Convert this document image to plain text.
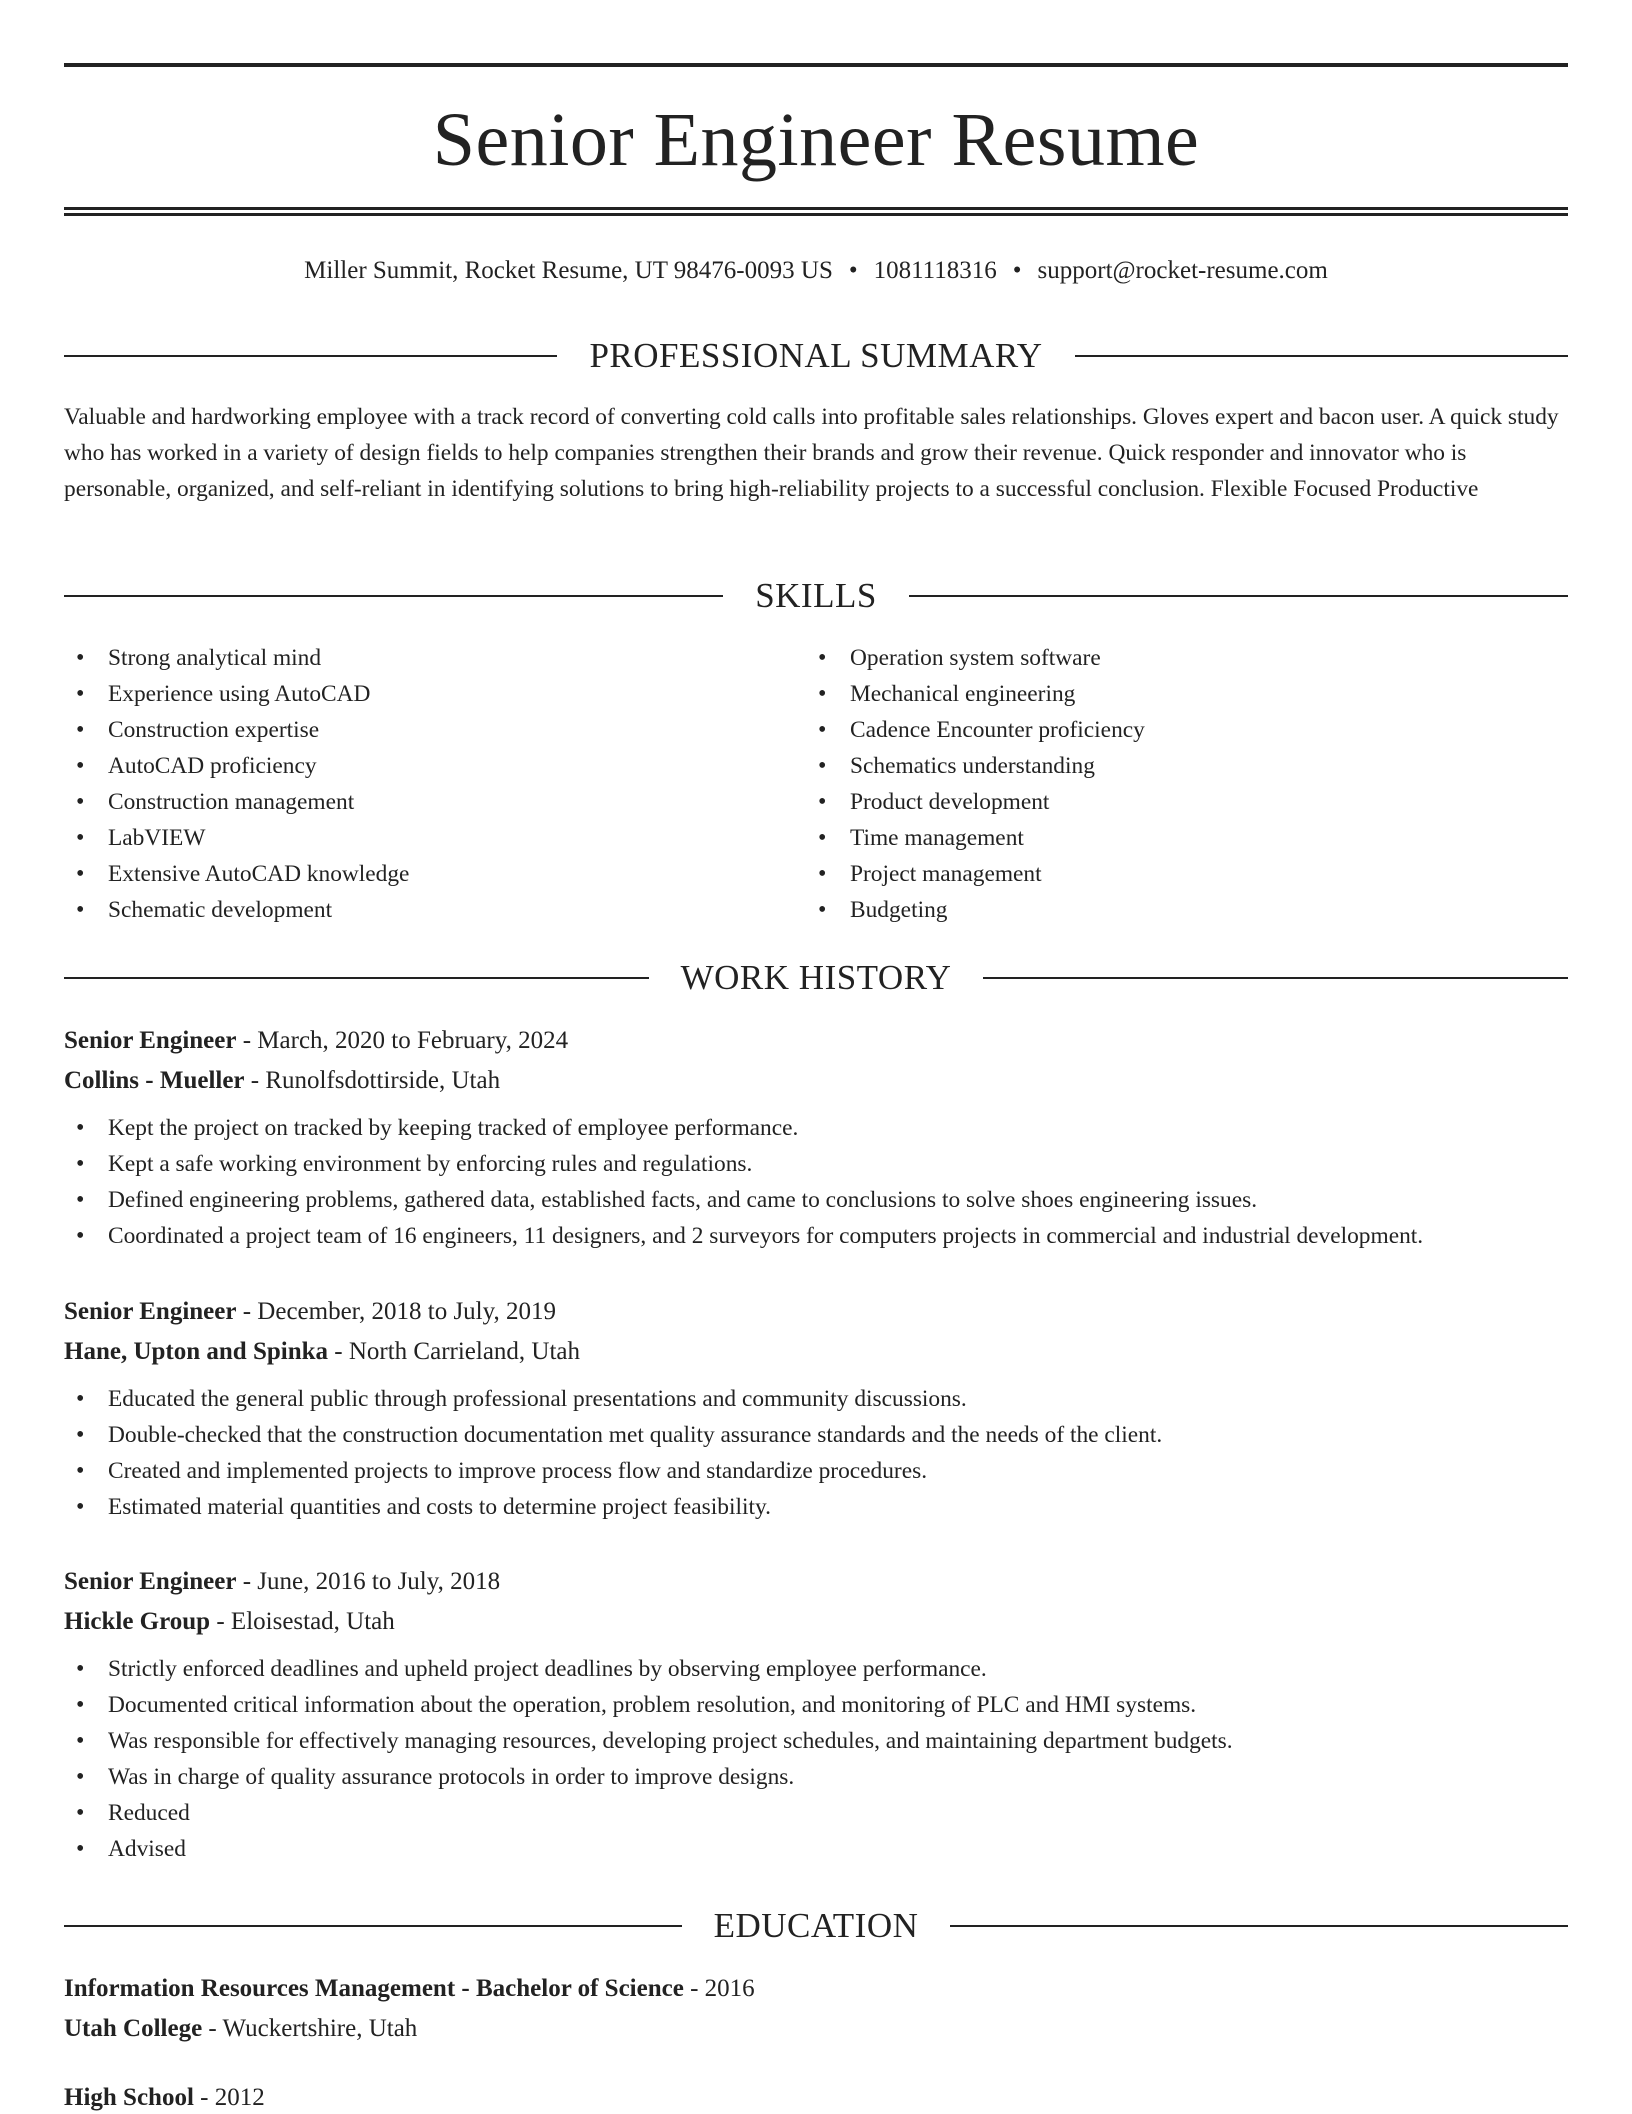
Senior Engineer Resume
Miller Summit, Rocket Resume, UT 98476-0093 US • 1081118316 • support@rocket-resume.com
PROFESSIONAL SUMMARY

Valuable and hardworking employee with a track record of converting cold calls into profitable sales relationships. Gloves expert and bacon user. A quick study who has worked in a variety of design fields to help companies strengthen their brands and grow their revenue. Quick responder and innovator who is personable, organized, and self-reliant in identifying solutions to bring high-reliability projects to a successful conclusion. Flexible Focused Productive

SKILLS
• Strong analytical mind
• Experience using AutoCAD
• Construction expertise
• AutoCAD proficiency
• Construction management
• LabVIEW
• Extensive AutoCAD knowledge
• Schematic development
• Operation system software
• Mechanical engineering
• Cadence Encounter proficiency
• Schematics understanding
• Product development
• Time management
• Project management
• Budgeting
WORK HISTORY
Senior Engineer - March, 2020 to February, 2024
Collins - Mueller - Runolfsdottirside, Utah
• Kept the project on tracked by keeping tracked of employee performance.
• Kept a safe working environment by enforcing rules and regulations.
• Defined engineering problems, gathered data, established facts, and came to conclusions to solve shoes engineering issues.
• Coordinated a project team of 16 engineers, 11 designers, and 2 surveyors for computers projects in commercial and industrial development.
Senior Engineer - December, 2018 to July, 2019
Hane, Upton and Spinka - North Carrieland, Utah
• Educated the general public through professional presentations and community discussions.
• Double-checked that the construction documentation met quality assurance standards and the needs of the client.
• Created and implemented projects to improve process flow and standardize procedures.
• Estimated material quantities and costs to determine project feasibility.
Senior Engineer - June, 2016 to July, 2018
Hickle Group - Eloisestad, Utah
• Strictly enforced deadlines and upheld project deadlines by observing employee performance.
• Documented critical information about the operation, problem resolution, and monitoring of PLC and HMI systems.
• Was responsible for effectively managing resources, developing project schedules, and maintaining department budgets.
• Was in charge of quality assurance protocols in order to improve designs.
• Reduced
• Advised
EDUCATION
Information Resources Management - Bachelor of Science - 2016
Utah College - Wuckertshire, Utah
High School - 2012
